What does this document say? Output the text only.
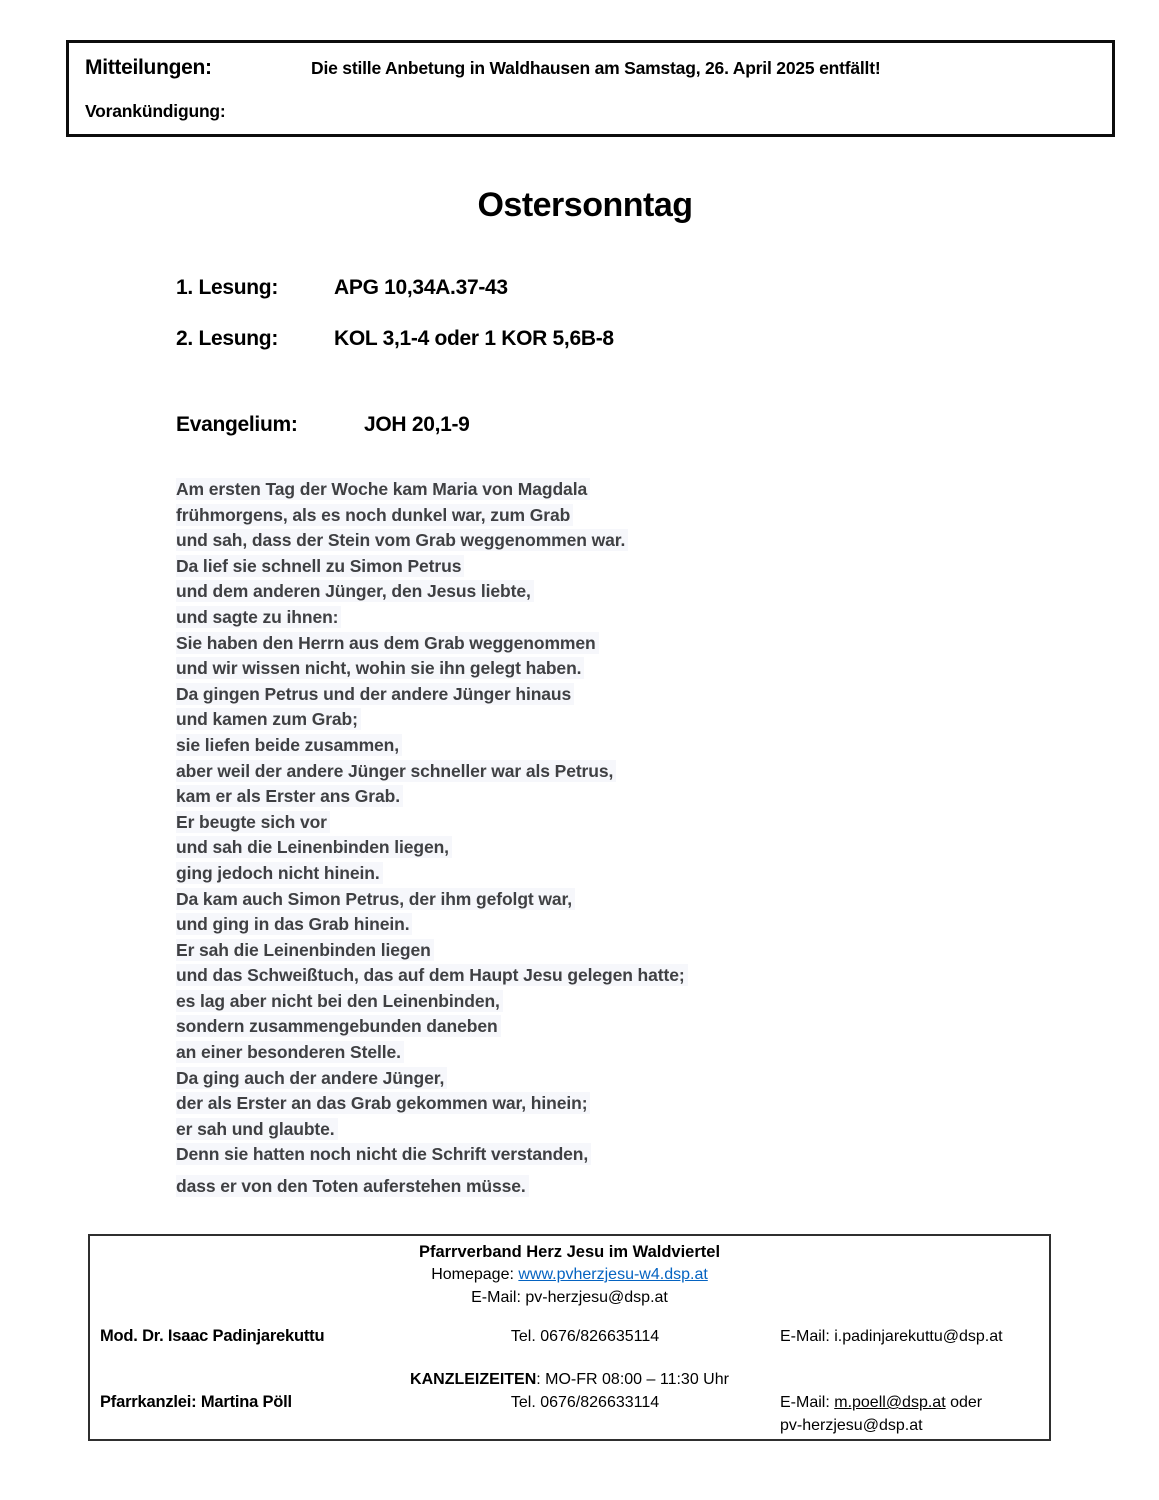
Mitteilungen:	Die stille Anbetung in Waldhausen am Samstag, 26. April 2025 entfällt!
Vorankündigung:
Ostersonntag
1. Lesung:	APG 10,34A.37-43
2. Lesung:	KOL 3,1-4 oder 1 KOR 5,6B-8
Evangelium:	JOH 20,1-9
Am ersten Tag der Woche kam Maria von Magdala
frühmorgens, als es noch dunkel war, zum Grab
und sah, dass der Stein vom Grab weggenommen war.
Da lief sie schnell zu Simon Petrus
und dem anderen Jünger, den Jesus liebte,
und sagte zu ihnen:
Sie haben den Herrn aus dem Grab weggenommen
und wir wissen nicht, wohin sie ihn gelegt haben.
Da gingen Petrus und der andere Jünger hinaus
und kamen zum Grab;
sie liefen beide zusammen,
aber weil der andere Jünger schneller war als Petrus,
kam er als Erster ans Grab.
Er beugte sich vor
und sah die Leinenbinden liegen,
ging jedoch nicht hinein.
Da kam auch Simon Petrus, der ihm gefolgt war,
und ging in das Grab hinein.
Er sah die Leinenbinden liegen
und das Schweißtuch, das auf dem Haupt Jesu gelegen hatte;
es lag aber nicht bei den Leinenbinden,
sondern zusammengebunden daneben
an einer besonderen Stelle.
Da ging auch der andere Jünger,
der als Erster an das Grab gekommen war, hinein;
er sah und glaubte.
Denn sie hatten noch nicht die Schrift verstanden,
dass er von den Toten auferstehen müsse.
Pfarrverband Herz Jesu im Waldviertel
Homepage: www.pvherzjesu-w4.dsp.at
E-Mail: pv-herzjesu@dsp.at
Mod. Dr. Isaac Padinjarekuttu	Tel. 0676/826635114	E-Mail: i.padinjarekuttu@dsp.at
KANZLEIZEITEN: MO-FR 08:00 – 11:30 Uhr
Pfarrkanzlei: Martina Pöll	Tel. 0676/826633114	E-Mail: m.poell@dsp.at oder
pv-herzjesu@dsp.at
